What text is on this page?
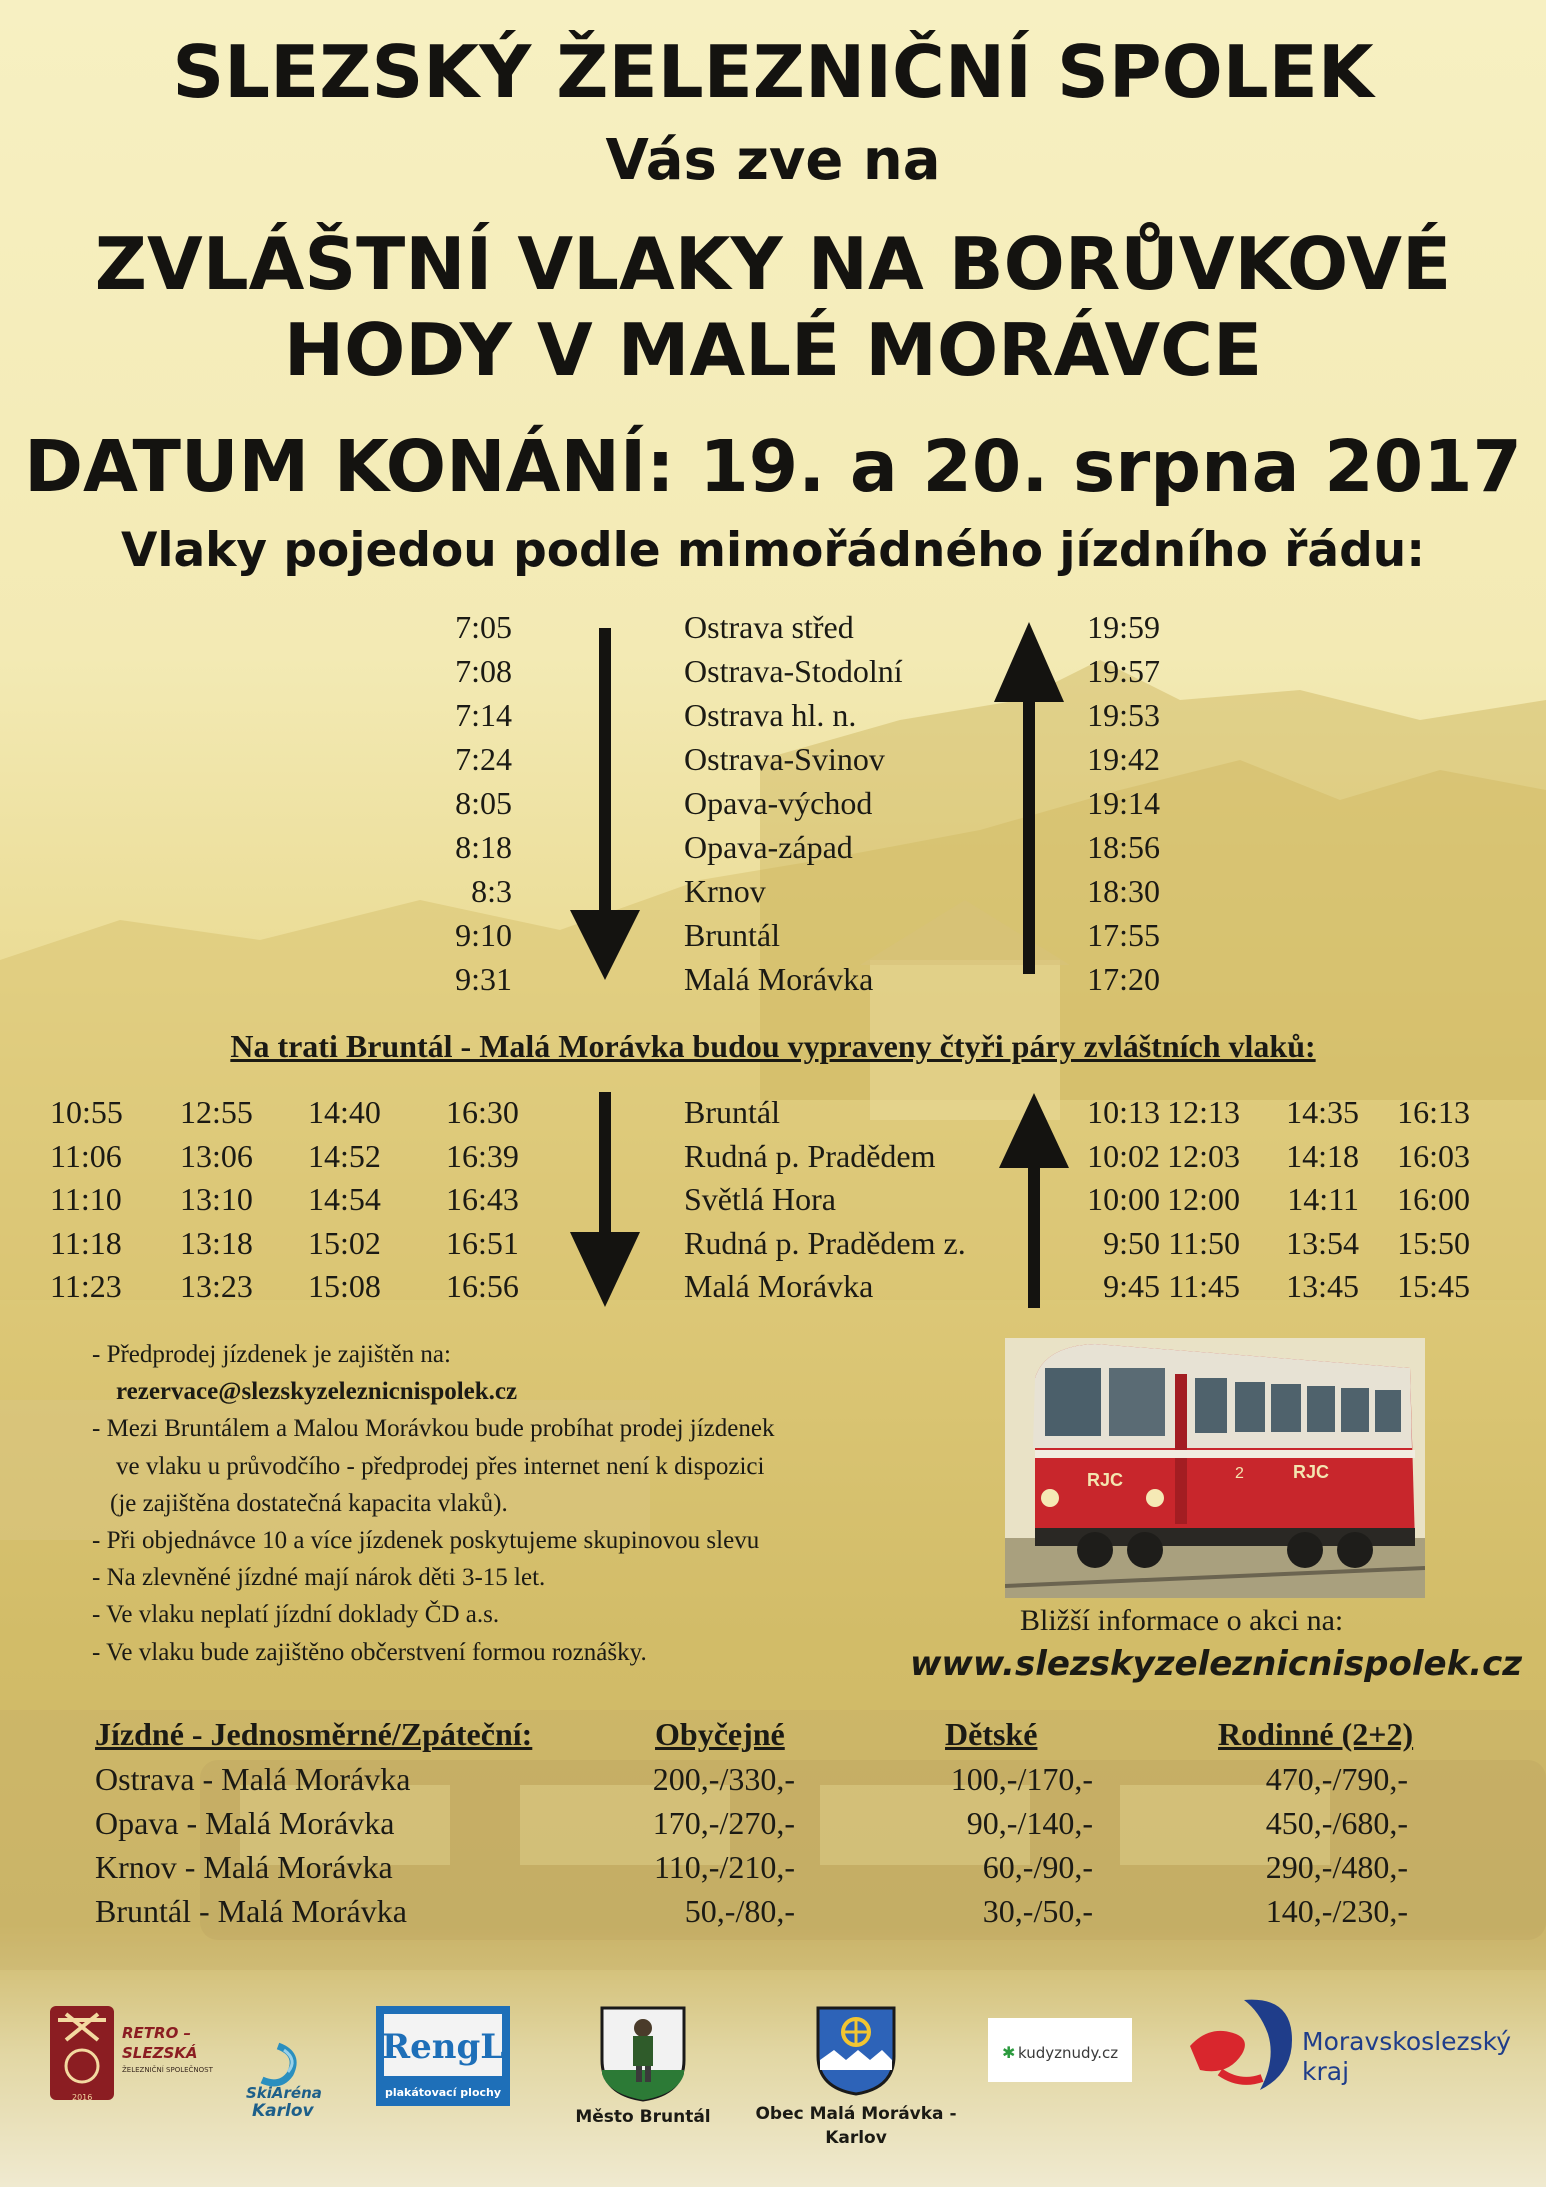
SLEZSKÝ ŽELEZNIČNÍ SPOLEK
Vás zve na
ZVLÁŠTNÍ VLAKY NA BORŮVKOVÉ
HODY V MALÉ MORÁVCE
DATUM KONÁNÍ: 19. a 20. srpna 2017
Vlaky pojedou podle mimořádného jízdního řádu:
7:05	Ostrava střed	19:59
7:08	Ostrava-Stodolní	19:57
7:14	Ostrava hl. n.	19:53
7:24	Ostrava-Svinov	19:42
8:05	Opava-východ	19:14
8:18	Opava-západ	18:56
8:3	Krnov	18:30
9:10	Bruntál	17:55
9:31	Malá Morávka	17:20
Na trati Bruntál - Malá Morávka budou vypraveny čtyři páry zvláštních vlaků:
10:55 12:55 14:40 16:30	Bruntál	10:13 12:13	14:35	16:13
11:06 13:06 14:52 16:39	Rudná p. Pradědem	10:02 12:03	14:18	16:03
11:10 13:10 14:54 16:43	Světlá Hora	10:00 12:00	14:11	16:00
11:18 13:18 15:02 16:51	Rudná p. Pradědem z.	9:50 11:50	13:54	15:50
11:23 13:23 15:08 16:56	Malá Morávka	9:45 11:45	13:45	15:45
- Předprodej jízdenek je zajištěn na:
rezervace@slezskyzeleznicnispolek.cz
- Mezi Bruntálem a Malou Morávkou bude probíhat prodej jízdenek
ve vlaku u průvodčího - předprodej přes internet není k dispozici
(je zajištěna dostatečná kapacita vlaků).
- Při objednávce 10 a více jízdenek poskytujeme skupinovou slevu
- Na zlevněné jízdné mají nárok děti 3-15 let.
- Ve vlaku neplatí jízdní doklady ČD a.s.
- Ve vlaku bude zajištěno občerstvení formou roznášky.
RJC	2	RJC
Bližší informace o akci na:
www.slezskyzeleznicnispolek.cz
Jízdné - Jednosměrné/Zpáteční:	Obyčejné	Dětské	Rodinné (2+2)
Ostrava - Malá Morávka	200,-/330,-	100,-/170,-	470,-/790,-
Opava - Malá Morávka	170,-/270,-	90,-/140,-	450,-/680,-
Krnov - Malá Morávka	110,-/210,-	60,-/90,-	290,-/480,-
Bruntál - Malá Morávka	50,-/80,-	30,-/50,-	140,-/230,-
RETRO –
SLEZSKÁ
ŽELEZNIČNÍ SPOLEČNOST
2016	SkiAréna
Karlov
RengL
plakátovací plochy
Město Bruntál	Obec Malá Morávka -
Karlov
✱ kudyznudy.cz	Moravskoslezský
kraj
